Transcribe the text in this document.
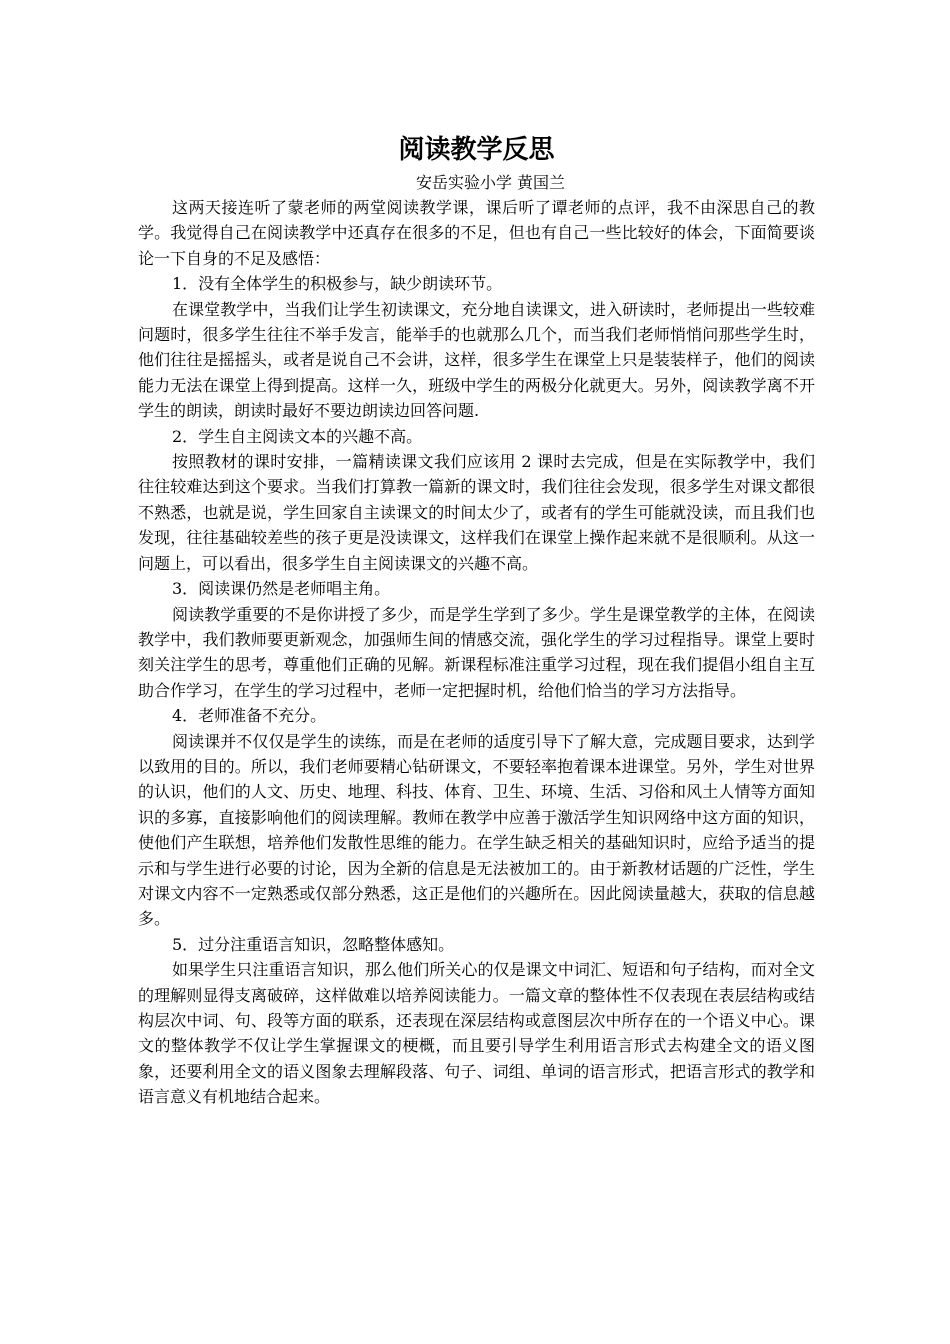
阅读教学反思

安岳实验小学 黄国兰

这两天接连听了蒙老师的两堂阅读教学课，课后听了谭老师的点评，我不由深思自己的教学。我觉得自己在阅读教学中还真存在很多的不足，但也有自己一些比较好的体会，下面简要谈论一下自身的不足及感悟：

1．没有全体学生的积极参与，缺少朗读环节。

在课堂教学中，当我们让学生初读课文，充分地自读课文，进入研读时，老师提出一些较难问题时，很多学生往往不举手发言，能举手的也就那么几个，而当我们老师悄悄问那些学生时，他们往往是摇摇头，或者是说自己不会讲，这样，很多学生在课堂上只是装装样子，他们的阅读能力无法在课堂上得到提高。这样一久，班级中学生的两极分化就更大。另外，阅读教学离不开学生的朗读，朗读时最好不要边朗读边回答问题.

2．学生自主阅读文本的兴趣不高。

按照教材的课时安排，一篇精读课文我们应该用 2 课时去完成，但是在实际教学中，我们往往较难达到这个要求。当我们打算教一篇新的课文时，我们往往会发现，很多学生对课文都很不熟悉，也就是说，学生回家自主读课文的时间太少了，或者有的学生可能就没读，而且我们也发现，往往基础较差些的孩子更是没读课文，这样我们在课堂上操作起来就不是很顺利。从这一问题上，可以看出，很多学生自主阅读课文的兴趣不高。

3．阅读课仍然是老师唱主角。

阅读教学重要的不是你讲授了多少，而是学生学到了多少。学生是课堂教学的主体，在阅读教学中，我们教师要更新观念，加强师生间的情感交流，强化学生的学习过程指导。课堂上要时刻关注学生的思考，尊重他们正确的见解。新课程标准注重学习过程，现在我们提倡小组自主互助合作学习，在学生的学习过程中，老师一定把握时机，给他们恰当的学习方法指导。

4．老师准备不充分。

阅读课并不仅仅是学生的读练，而是在老师的适度引导下了解大意，完成题目要求，达到学以致用的目的。所以，我们老师要精心钻研课文，不要轻率抱着课本进课堂。另外，学生对世界的认识，他们的人文、历史、地理、科技、体育、卫生、环境、生活、习俗和风土人情等方面知识的多寡，直接影响他们的阅读理解。教师在教学中应善于激活学生知识网络中这方面的知识，使他们产生联想，培养他们发散性思维的能力。在学生缺乏相关的基础知识时，应给予适当的提示和与学生进行必要的讨论，因为全新的信息是无法被加工的。由于新教材话题的广泛性，学生对课文内容不一定熟悉或仅部分熟悉，这正是他们的兴趣所在。因此阅读量越大，获取的信息越多。

5．过分注重语言知识，忽略整体感知。

如果学生只注重语言知识，那么他们所关心的仅是课文中词汇、短语和句子结构，而对全文的理解则显得支离破碎，这样做难以培养阅读能力。一篇文章的整体性不仅表现在表层结构或结构层次中词、句、段等方面的联系，还表现在深层结构或意图层次中所存在的一个语义中心。课文的整体教学不仅让学生掌握课文的梗概，而且要引导学生利用语言形式去构建全文的语义图象，还要利用全文的语义图象去理解段落、句子、词组、单词的语言形式，把语言形式的教学和语言意义有机地结合起来。
